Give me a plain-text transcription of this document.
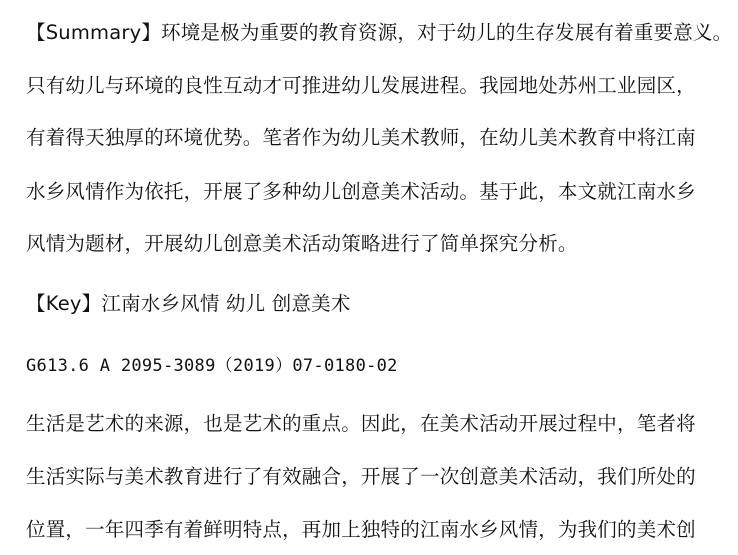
【Summary】环境是极为重要的教育资源，对于幼儿的生存发展有着重要意义。
只有幼儿与环境的良性互动才可推进幼儿发展进程。我园地处苏州工业园区，
有着得天独厚的环境优势。笔者作为幼儿美术教师，在幼儿美术教育中将江南
水乡风情作为依托，开展了多种幼儿创意美术活动。基于此，本文就江南水乡
风情为题材，开展幼儿创意美术活动策略进行了简单探究分析。
【Key】江南水乡风情 幼儿 创意美术
G613.6 A 2095-3089（2019）07-0180-02
生活是艺术的来源，也是艺术的重点。因此，在美术活动开展过程中，笔者将
生活实际与美术教育进行了有效融合，开展了一次创意美术活动，我们所处的
位置，一年四季有着鲜明特点，再加上独特的江南水乡风情，为我们的美术创
